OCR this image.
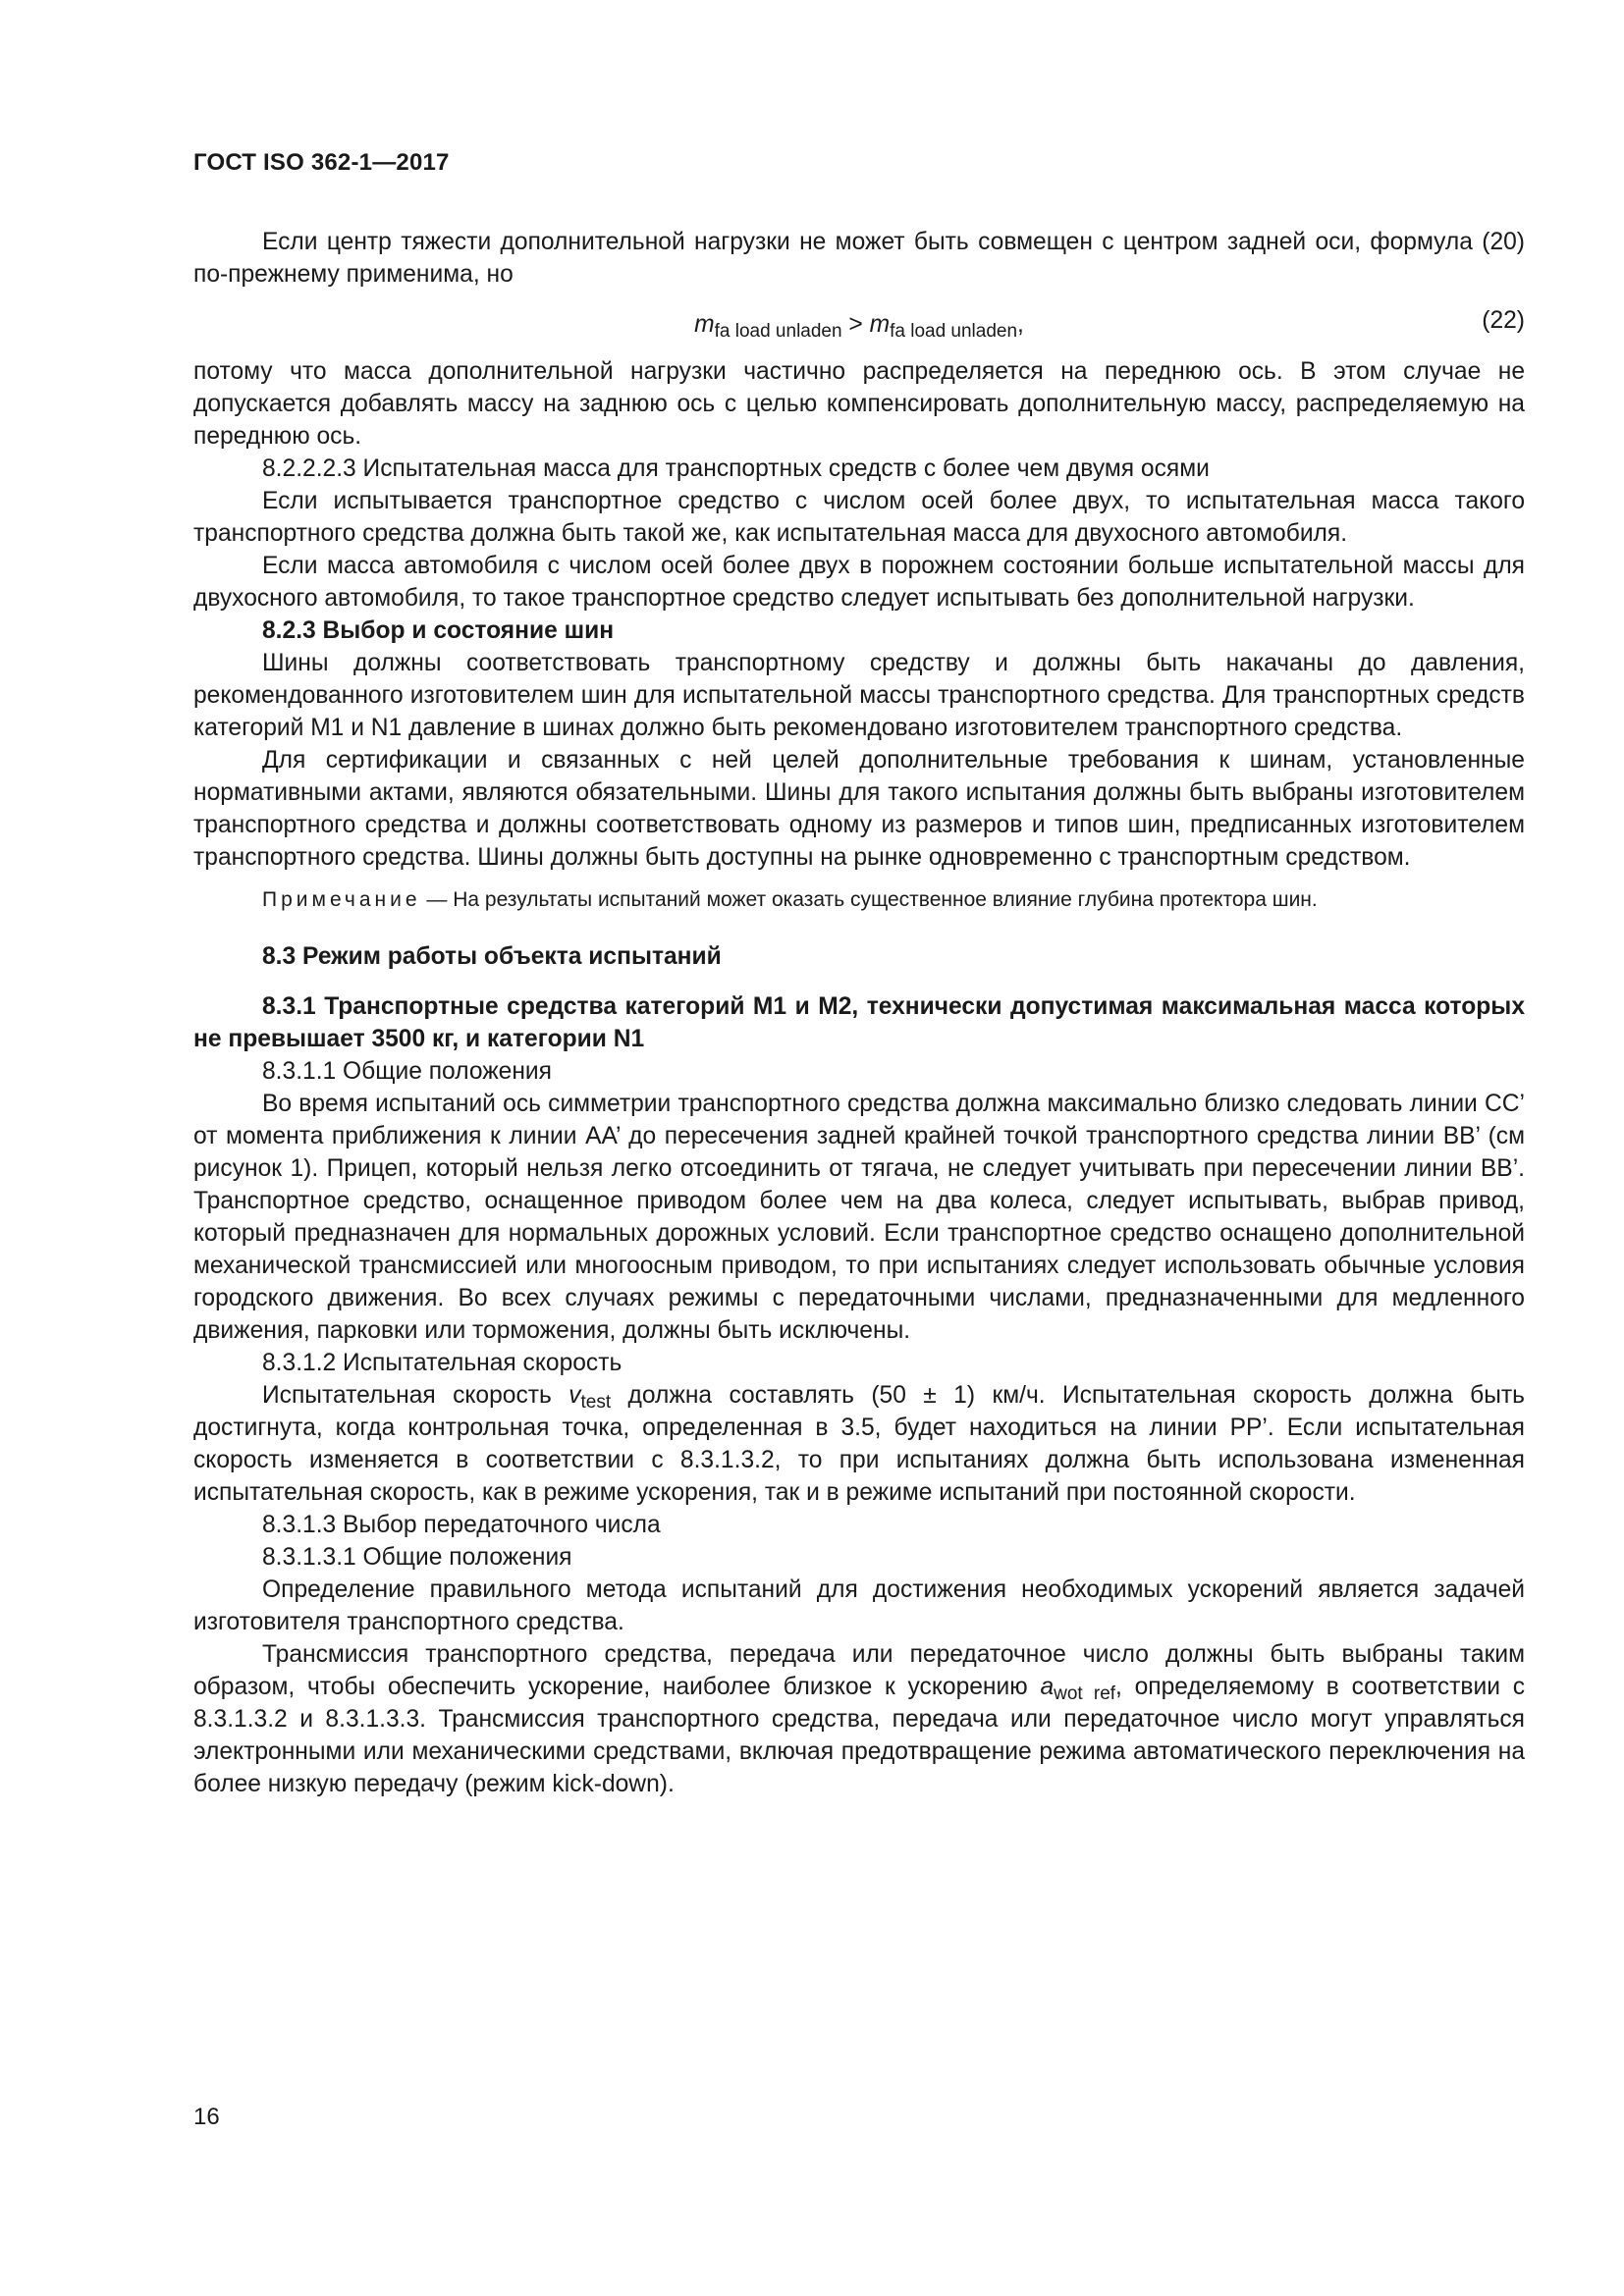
ГОСТ ISO 362-1—2017

Если центр тяжести дополнительной нагрузки не может быть совмещен с центром задней оси, формула (20) по-прежнему применима, но

$m_{fa load unladen} > m_{fa load unladen}$,	(22)

потому что масса дополнительной нагрузки частично распределяется на переднюю ось. В этом случае не допускается добавлять массу на заднюю ось с целью компенсировать дополнительную массу, распределяемую на переднюю ось.

8.2.2.2.3 Испытательная масса для транспортных средств с более чем двумя осями

Если испытывается транспортное средство с числом осей более двух, то испытательная масса такого транспортного средства должна быть такой же, как испытательная масса для двухосного автомобиля.

Если масса автомобиля с числом осей более двух в порожнем состоянии больше испытательной массы для двухосного автомобиля, то такое транспортное средство следует испытывать без дополнительной нагрузки.

8.2.3 Выбор и состояние шин

Шины должны соответствовать транспортному средству и должны быть накачаны до давления, рекомендованного изготовителем шин для испытательной массы транспортного средства. Для транспортных средств категорий М1 и N1 давление в шинах должно быть рекомендовано изготовителем транспортного средства.

Для сертификации и связанных с ней целей дополнительные требования к шинам, установленные нормативными актами, являются обязательными. Шины для такого испытания должны быть выбраны изготовителем транспортного средства и должны соответствовать одному из размеров и типов шин, предписанных изготовителем транспортного средства. Шины должны быть доступны на рынке одновременно с транспортным средством.

Примечание — На результаты испытаний может оказать существенное влияние глубина протектора шин.

8.3 Режим работы объекта испытаний

8.3.1 Транспортные средства категорий М1 и М2, технически допустимая максимальная масса которых не превышает 3500 кг, и категории N1

8.3.1.1 Общие положения

Во время испытаний ось симметрии транспортного средства должна максимально близко следовать линии CC’ от момента приближения к линии AA’ до пересечения задней крайней точкой транспортного средства линии BB’ (см рисунок 1). Прицеп, который нельзя легко отсоединить от тягача, не следует учитывать при пересечении линии BB’. Транспортное средство, оснащенное приводом более чем на два колеса, следует испытывать, выбрав привод, который предназначен для нормальных дорожных условий. Если транспортное средство оснащено дополнительной механической трансмиссией или многоосным приводом, то при испытаниях следует использовать обычные условия городского движения. Во всех случаях режимы с передаточными числами, предназначенными для медленного движения, парковки или торможения, должны быть исключены.

8.3.1.2 Испытательная скорость

Испытательная скорость $v_{test}$ должна составлять (50 ± 1) км/ч. Испытательная скорость должна быть достигнута, когда контрольная точка, определенная в 3.5, будет находиться на линии PP’. Если испытательная скорость изменяется в соответствии с 8.3.1.3.2, то при испытаниях должна быть использована измененная испытательная скорость, как в режиме ускорения, так и в режиме испытаний при постоянной скорости.

8.3.1.3 Выбор передаточного числа

8.3.1.3.1 Общие положения

Определение правильного метода испытаний для достижения необходимых ускорений является задачей изготовителя транспортного средства.

Трансмиссия транспортного средства, передача или передаточное число должны быть выбраны таким образом, чтобы обеспечить ускорение, наиболее близкое к ускорению $a_{wot ref}$, определяемому в соответствии с 8.3.1.3.2 и 8.3.1.3.3. Трансмиссия транспортного средства, передача или передаточное число могут управляться электронными или механическими средствами, включая предотвращение режима автоматического переключения на более низкую передачу (режим kick-down).

16
